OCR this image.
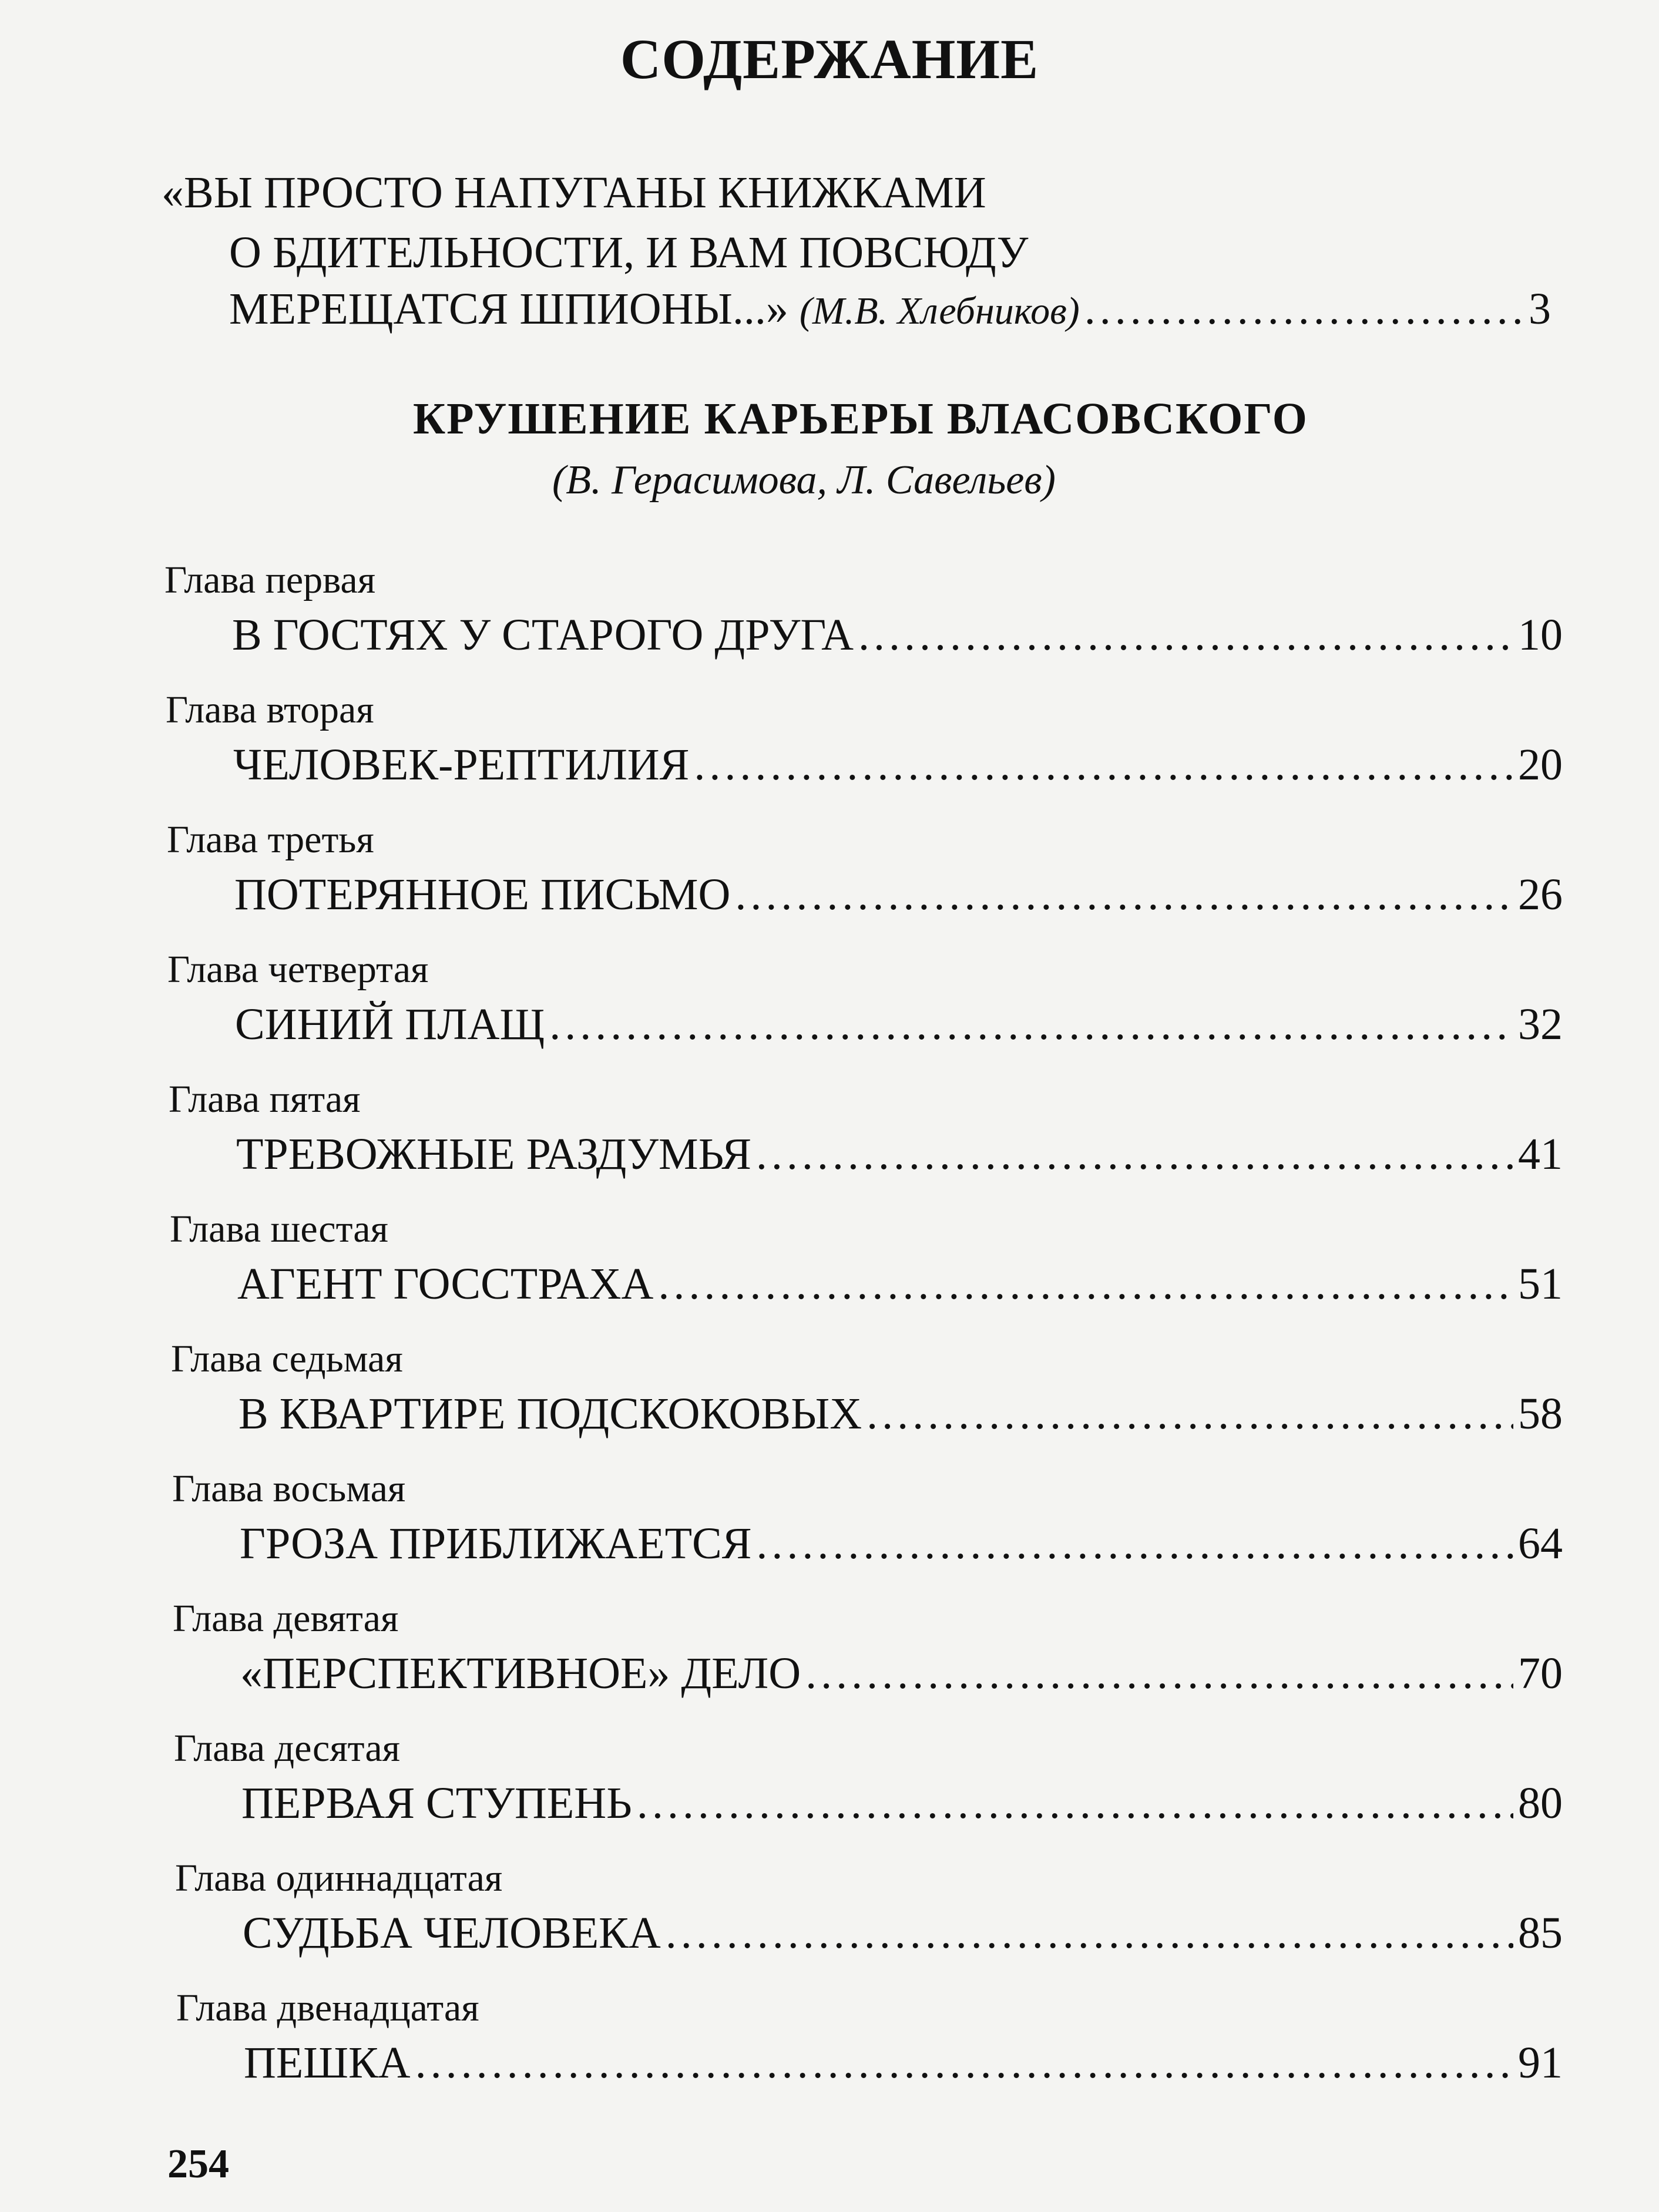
СОДЕРЖАНИЕ
«ВЫ ПРОСТО НАПУГАНЫ КНИЖКАМИ
О БДИТЕЛЬНОСТИ, И ВАМ ПОВСЮДУ
МЕРЕЩАТСЯ ШПИОНЫ...» (М.В. Хлебников) . . .	3
КРУШЕНИЕ КАРЬЕРЫ ВЛАСОВСКОГО
(В. Герасимова, Л. Савельев)
Глава первая
В ГОСТЯХ У СТАРОГО ДРУГА . . .	10
Глава вторая
ЧЕЛОВЕК-РЕПТИЛИЯ . . .	20
Глава третья
ПОТЕРЯННОЕ ПИСЬМО . . .	26
Глава четвертая
СИНИЙ ПЛАЩ . . .	32
Глава пятая
ТРЕВОЖНЫЕ РАЗДУМЬЯ . . .	41
Глава шестая
АГЕНТ ГОССТРАХА . . .	51
Глава седьмая
В КВАРТИРЕ ПОДСКОКОВЫХ . . .	58
Глава восьмая
ГРОЗА ПРИБЛИЖАЕТСЯ . . .	64
Глава девятая
«ПЕРСПЕКТИВНОЕ» ДЕЛО . . .	70
Глава десятая
ПЕРВАЯ СТУПЕНЬ . . .	80
Глава одиннадцатая
СУДЬБА ЧЕЛОВЕКА . . .	85
Глава двенадцатая
ПЕШКА . . .	91
254
